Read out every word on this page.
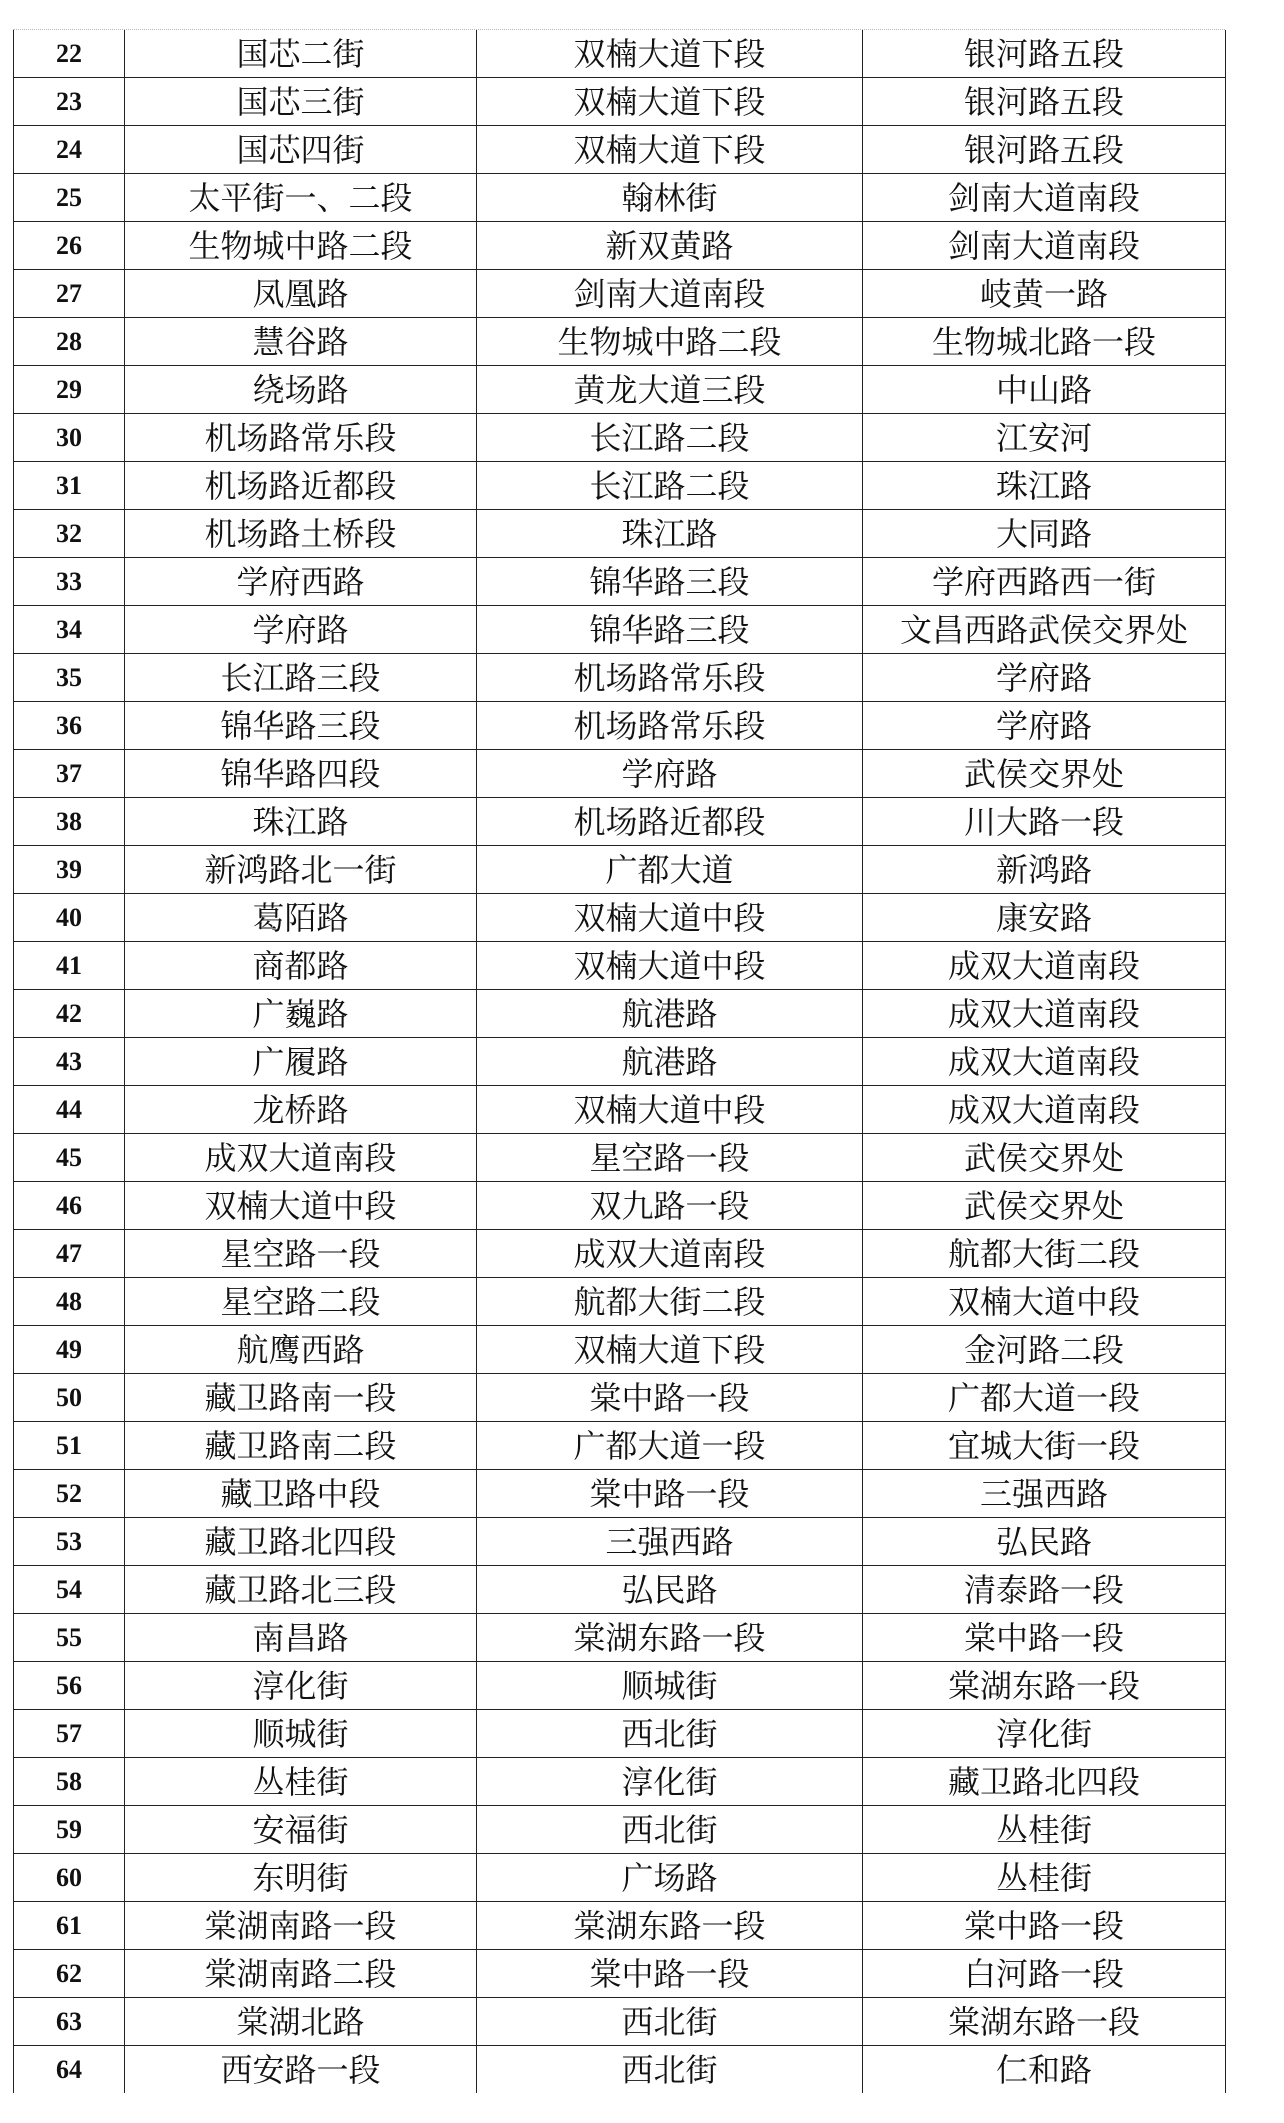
22	国芯二街	双楠大道下段	银河路五段
23	国芯三街	双楠大道下段	银河路五段
24	国芯四街	双楠大道下段	银河路五段
25	太平街一、二段	翰林街	剑南大道南段
26	生物城中路二段	新双黄路	剑南大道南段
27	凤凰路	剑南大道南段	岐黄一路
28	慧谷路	生物城中路二段	生物城北路一段
29	绕场路	黄龙大道三段	中山路
30	机场路常乐段	长江路二段	江安河
31	机场路近都段	长江路二段	珠江路
32	机场路土桥段	珠江路	大同路
33	学府西路	锦华路三段	学府西路西一街
34	学府路	锦华路三段	文昌西路武侯交界处
35	长江路三段	机场路常乐段	学府路
36	锦华路三段	机场路常乐段	学府路
37	锦华路四段	学府路	武侯交界处
38	珠江路	机场路近都段	川大路一段
39	新鸿路北一街	广都大道	新鸿路
40	葛陌路	双楠大道中段	康安路
41	商都路	双楠大道中段	成双大道南段
42	广巍路	航港路	成双大道南段
43	广履路	航港路	成双大道南段
44	龙桥路	双楠大道中段	成双大道南段
45	成双大道南段	星空路一段	武侯交界处
46	双楠大道中段	双九路一段	武侯交界处
47	星空路一段	成双大道南段	航都大街二段
48	星空路二段	航都大街二段	双楠大道中段
49	航鹰西路	双楠大道下段	金河路二段
50	藏卫路南一段	棠中路一段	广都大道一段
51	藏卫路南二段	广都大道一段	宜城大街一段
52	藏卫路中段	棠中路一段	三强西路
53	藏卫路北四段	三强西路	弘民路
54	藏卫路北三段	弘民路	清泰路一段
55	南昌路	棠湖东路一段	棠中路一段
56	淳化街	顺城街	棠湖东路一段
57	顺城街	西北街	淳化街
58	丛桂街	淳化街	藏卫路北四段
59	安福街	西北街	丛桂街
60	东明街	广场路	丛桂街
61	棠湖南路一段	棠湖东路一段	棠中路一段
62	棠湖南路二段	棠中路一段	白河路一段
63	棠湖北路	西北街	棠湖东路一段
64	西安路一段	西北街	仁和路
